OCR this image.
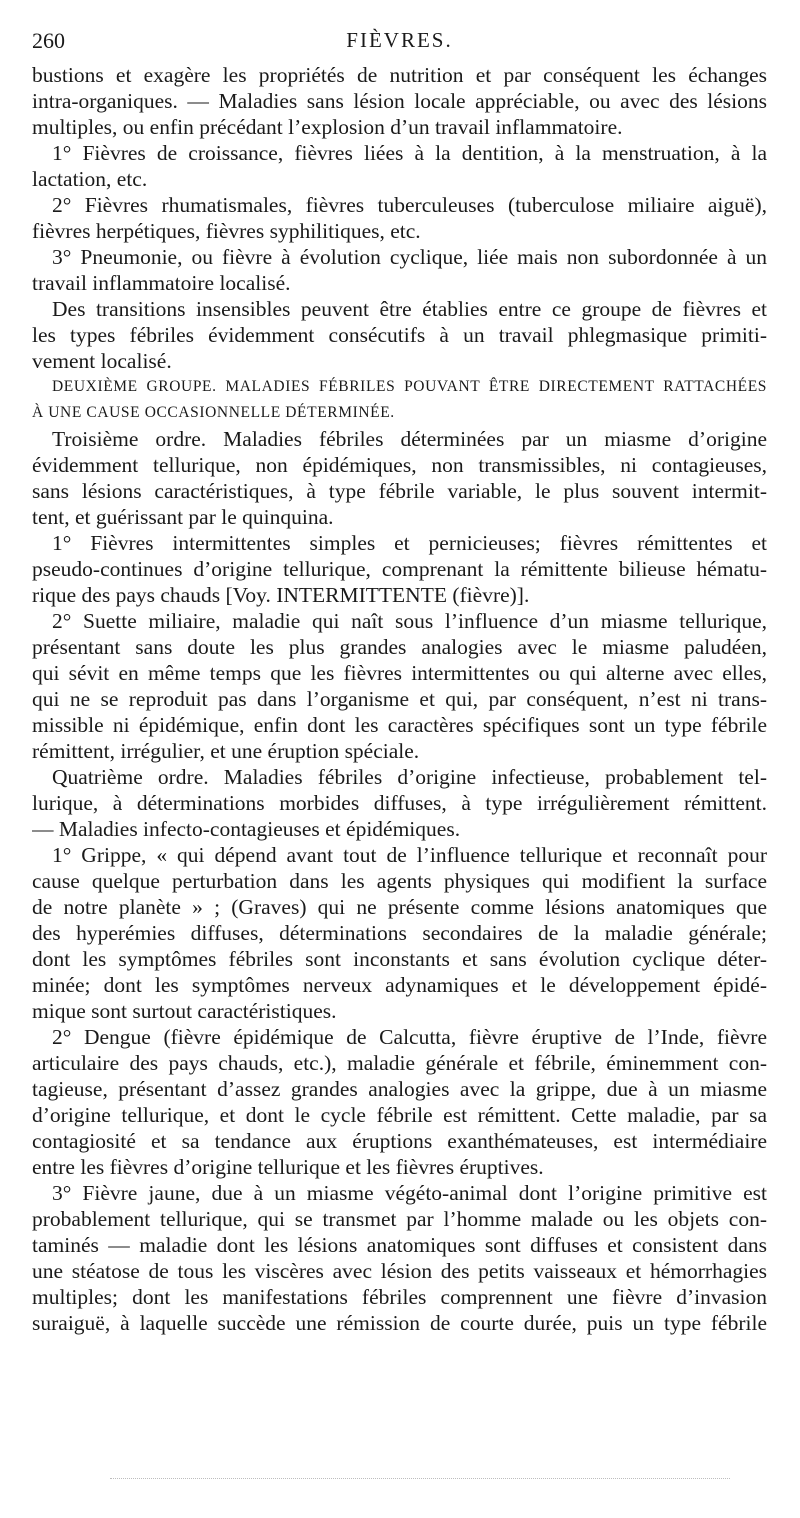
260	FIÈVRES.
bustions et exagère les propriétés de nutrition et par conséquent les échanges
intra-organiques. — Maladies sans lésion locale appréciable, ou avec des lésions
multiples, ou enfin précédant l’explosion d’un travail inflammatoire.
1° Fièvres de croissance, fièvres liées à la dentition, à la menstruation, à la
lactation, etc.
2° Fièvres rhumatismales, fièvres tuberculeuses (tuberculose miliaire aiguë),
fièvres herpétiques, fièvres syphilitiques, etc.
3° Pneumonie, ou fièvre à évolution cyclique, liée mais non subordonnée à un
travail inflammatoire localisé.
Des transitions insensibles peuvent être établies entre ce groupe de fièvres et
les types fébriles évidemment consécutifs à un travail phlegmasique primiti-
vement localisé.
DEUXIÈME GROUPE. MALADIES FÉBRILES POUVANT ÊTRE DIRECTEMENT RATTACHÉES
À UNE CAUSE OCCASIONNELLE DÉTERMINÉE.
Troisième ordre. Maladies fébriles déterminées par un miasme d’origine
évidemment tellurique, non épidémiques, non transmissibles, ni contagieuses,
sans lésions caractéristiques, à type fébrile variable, le plus souvent intermit-
tent, et guérissant par le quinquina.
1° Fièvres intermittentes simples et pernicieuses; fièvres rémittentes et
pseudo-continues d’origine tellurique, comprenant la rémittente bilieuse hématu-
rique des pays chauds [Voy. INTERMITTENTE (fièvre)].
2° Suette miliaire, maladie qui naît sous l’influence d’un miasme tellurique,
présentant sans doute les plus grandes analogies avec le miasme paludéen,
qui sévit en même temps que les fièvres intermittentes ou qui alterne avec elles,
qui ne se reproduit pas dans l’organisme et qui, par conséquent, n’est ni trans-
missible ni épidémique, enfin dont les caractères spécifiques sont un type fébrile
rémittent, irrégulier, et une éruption spéciale.
Quatrième ordre. Maladies fébriles d’origine infectieuse, probablement tel-
lurique, à déterminations morbides diffuses, à type irrégulièrement rémittent.
— Maladies infecto-contagieuses et épidémiques.
1° Grippe, « qui dépend avant tout de l’influence tellurique et reconnaît pour
cause quelque perturbation dans les agents physiques qui modifient la surface
de notre planète » ; (Graves) qui ne présente comme lésions anatomiques que
des hyperémies diffuses, déterminations secondaires de la maladie générale;
dont les symptômes fébriles sont inconstants et sans évolution cyclique déter-
minée; dont les symptômes nerveux adynamiques et le développement épidé-
mique sont surtout caractéristiques.
2° Dengue (fièvre épidémique de Calcutta, fièvre éruptive de l’Inde, fièvre
articulaire des pays chauds, etc.), maladie générale et fébrile, éminemment con-
tagieuse, présentant d’assez grandes analogies avec la grippe, due à un miasme
d’origine tellurique, et dont le cycle fébrile est rémittent. Cette maladie, par sa
contagiosité et sa tendance aux éruptions exanthémateuses, est intermédiaire
entre les fièvres d’origine tellurique et les fièvres éruptives.
3° Fièvre jaune, due à un miasme végéto-animal dont l’origine primitive est
probablement tellurique, qui se transmet par l’homme malade ou les objets con-
taminés — maladie dont les lésions anatomiques sont diffuses et consistent dans
une stéatose de tous les viscères avec lésion des petits vaisseaux et hémorrhagies
multiples; dont les manifestations fébriles comprennent une fièvre d’invasion
suraiguë, à laquelle succède une rémission de courte durée, puis un type fébrile
